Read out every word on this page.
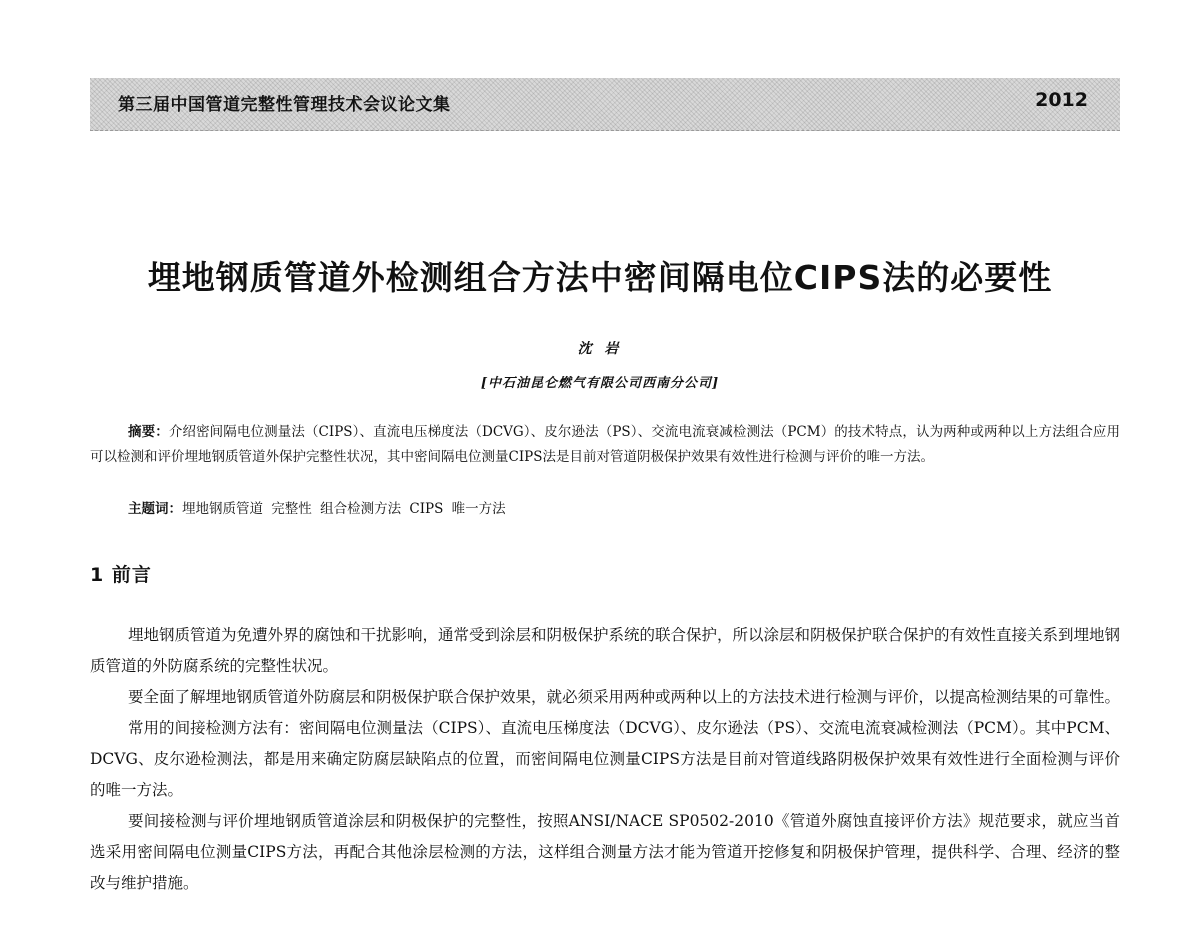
第三届中国管道完整性管理技术会议论文集	2012
埋地钢质管道外检测组合方法中密间隔电位CIPS法的必要性
沈 岩
[中石油昆仑燃气有限公司西南分公司]
摘要：介绍密间隔电位测量法（CIPS）、直流电压梯度法（DCVG）、皮尔逊法（PS）、交流电流衰减检测法（PCM）的技术特点，认为两种或两种以上方法组合应用可以检测和评价埋地钢质管道外保护完整性状况，其中密间隔电位测量CIPS法是目前对管道阴极保护效果有效性进行检测与评价的唯一方法。
主题词：埋地钢质管道 完整性 组合检测方法 CIPS 唯一方法
1 前言

埋地钢质管道为免遭外界的腐蚀和干扰影响，通常受到涂层和阴极保护系统的联合保护，所以涂层和阴极保护联合保护的有效性直接关系到埋地钢质管道的外防腐系统的完整性状况。

要全面了解埋地钢质管道外防腐层和阴极保护联合保护效果，就必须采用两种或两种以上的方法技术进行检测与评价，以提高检测结果的可靠性。

常用的间接检测方法有：密间隔电位测量法（CIPS）、直流电压梯度法（DCVG）、皮尔逊法（PS）、交流电流衰减检测法（PCM）。其中PCM、DCVG、皮尔逊检测法，都是用来确定防腐层缺陷点的位置，而密间隔电位测量CIPS方法是目前对管道线路阴极保护效果有效性进行全面检测与评价的唯一方法。

要间接检测与评价埋地钢质管道涂层和阴极保护的完整性，按照ANSI/NACE SP0502-2010《管道外腐蚀直接评价方法》规范要求，就应当首选采用密间隔电位测量CIPS方法，再配合其他涂层检测的方法，这样组合测量方法才能为管道开挖修复和阴极保护管理，提供科学、合理、经济的整改与维护措施。
